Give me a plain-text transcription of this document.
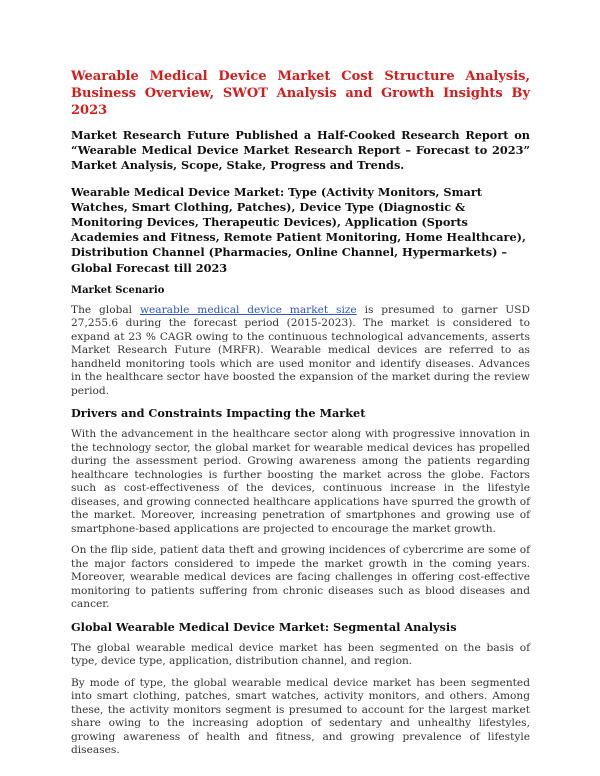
Wearable Medical Device Market Cost Structure Analysis, Business Overview, SWOT Analysis and Growth Insights By 2023

Market Research Future Published a Half-Cooked Research Report on “Wearable Medical Device Market Research Report – Forecast to 2023” Market Analysis, Scope, Stake, Progress and Trends.

Wearable Medical Device Market: Type (Activity Monitors, Smart Watches, Smart Clothing, Patches), Device Type (Diagnostic & Monitoring Devices, Therapeutic Devices), Application (Sports Academies and Fitness, Remote Patient Monitoring, Home Healthcare), Distribution Channel (Pharmacies, Online Channel, Hypermarkets) – Global Forecast till 2023

Market Scenario

The global wearable medical device market size is presumed to garner USD 27,255.6 during the forecast period (2015-2023). The market is considered to expand at 23 % CAGR owing to the continuous technological advancements, asserts Market Research Future (MRFR). Wearable medical devices are referred to as handheld monitoring tools which are used monitor and identify diseases. Advances in the healthcare sector have boosted the expansion of the market during the review period.

Drivers and Constraints Impacting the Market

With the advancement in the healthcare sector along with progressive innovation in the technology sector, the global market for wearable medical devices has propelled during the assessment period. Growing awareness among the patients regarding healthcare technologies is further boosting the market across the globe. Factors such as cost-effectiveness of the devices, continuous increase in the lifestyle diseases, and growing connected healthcare applications have spurred the growth of the market. Moreover, increasing penetration of smartphones and growing use of smartphone-based applications are projected to encourage the market growth.

On the flip side, patient data theft and growing incidences of cybercrime are some of the major factors considered to impede the market growth in the coming years. Moreover, wearable medical devices are facing challenges in offering cost-effective monitoring to patients suffering from chronic diseases such as blood diseases and cancer.

Global Wearable Medical Device Market: Segmental Analysis

The global wearable medical device market has been segmented on the basis of type, device type, application, distribution channel, and region.

By mode of type, the global wearable medical device market has been segmented into smart clothing, patches, smart watches, activity monitors, and others. Among these, the activity monitors segment is presumed to account for the largest market share owing to the increasing adoption of sedentary and unhealthy lifestyles, growing awareness of health and fitness, and growing prevalence of lifestyle diseases.
